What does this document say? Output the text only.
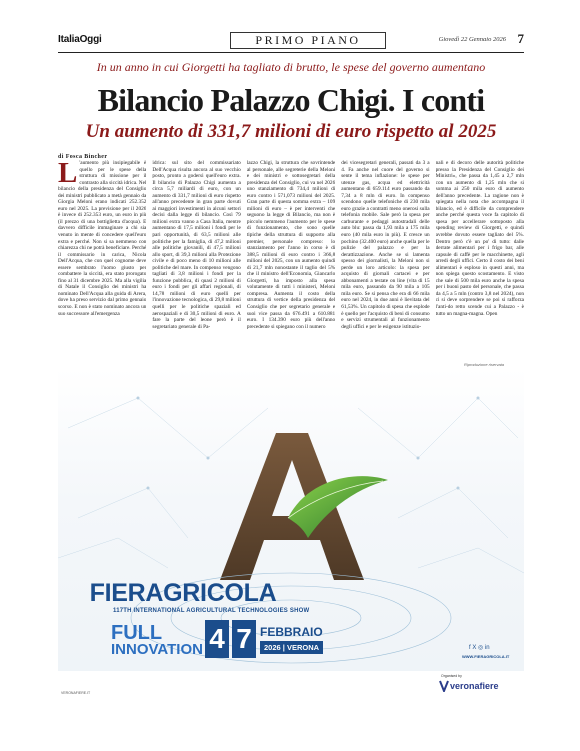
ItaliaOggi	PRIMO PIANO	Giovedì 22 Gennaio 2026 7
In un anno in cui Giorgetti ha tagliato di brutto, le spese del governo aumentano
Bilancio Palazzo Chigi. I conti
Un aumento di 331,7 milioni di euro rispetto al 2025
di Fosca Bincher
L 'aumento più insipiegabile è quello per le spese della struttura di missione per il contrasto alla siccità idrica. Nel bilancio della presidenza del Consiglio dei ministri pubblicato a metà gennaio da Giorgia Meloni erano indicati 252.352 euro nel 2025. La previsione per il 2026 è invece di 252.353 euro, un euro in più (il prezzo di una bottiglietta d'acqua). E davvero difficile immaginare a chi sia venuto in mente di concedere quell'euro extra e perché. Non si sa nemmeno con chiarezza chi ne potrà beneficiare. Perché il commissario in carica, Nicola Dell'Acqua, che con quel cognome deve essere sembrato l'uomo giusto per combattere la siccità, era stato prorogato fino al 31 dicembre 2025. Ma alla vigilia di Natale il Consiglio dei ministri ha nominato Dell'Acqua alla guida di Arera, dove ha preso servizio dal primo gennaio scorso. E non è stato nominato ancora un suo successore all'emergenza

idrica: sul sito del commissariato Dell'Acqua risulta ancora al suo vecchio posto, pronto a godersi quell'euro extra. Il bilancio di Palazzo Chigi aumenta a circa 5,7 miliardi di euro, con un aumento di 331,7 milioni di euro rispetto all'anno precedente in gran parte dovuti ai maggiori investimenti in alcuni settori decisi dalla legge di bilancio. Così 79 milioni extra vanno a Casa Italia, mentre aumentano di 17,5 milioni i fondi per le pari opportunità, di 63,5 milioni alle politiche per la famiglia, di 47,2 milioni alle politiche giovanili, di 47,5 milioni allo sport, di 39,3 milioni alla Protezione civile e di poco meno di 10 milioni alle politiche del mare. In compenso vengono tagliati di 3,8 milioni i fondi per la funzione pubblica, di quasi 2 milioni di euro i fondi per gli affari regionali, di 14,78 milioni di euro quelli per l'innovazione tecnologica, di 29,8 milioni quelli per le politiche spaziali ed aerospaziali e di 30,5 milioni di euro. A fare la parte del leone però è il segretariato generale di Pa-

lazzo Chigi, la struttura che sovrintende al personale, alle segreterie della Meloni e dei ministri e sottosegretari della presidenza del Consiglio, cui va nel 2026 uno stanziamento di 734,4 milioni di euro contro i 571,073 milioni del 2025. Gran parte di questa somma extra – 109 milioni di euro – è per interventi che seguono la legge di Bilancio, ma non è piccolo nemmeno l'aumento per le spese di funzionamento, che sono quelle tipiche della struttura di supporto alla premier, personale compreso: lo stanziamento per l'anno in corso è di 388,5 milioni di euro contro i 366,8 milioni del 2025, con un aumento quindi di 21,7 mln nonostante il taglio del 5% che il ministro dell'Economia, Giancarlo Giorgetti, ha imposto alla spesa volutamente di tutti i ministeri, Meloni compresa. Aumenta il costo della struttura di vertice della presidenza del Consiglio che per segretario generale e suoi vice passa da 676.491 a 610.881 euro. I 134.390 euro più dell'anno precedente si spiegano con il numero

dei vicesegretari generali, passati da 3 a 4. Fa anche nel cuore del governo si sente il tema inflazione: le spese per utenze gas, acqua ed elettricità aumentano di 659.114 euro passando da 7,34 a 8 mln di euro. In compenso scendono quelle telefoniche di 230 mila euro grazie a contratti meno onerosi sulla telefonia mobile. Sale però la spesa per carburante e pedaggi autostradali delle auto blu: passa da 1,93 mila a 175 mila euro (40 mila euro in più). E cresce un pochino (32.400 euro) anche quella per le pulizie del palazzo e per la derattizzazione. Anche se si lamenta spesso dei giornalisti, la Meloni non si perde un loro articolo: la spesa per acquisto di giornali cartacei e per abbonamenti a testate on line (vita di 15 mila euro, passando da 90 mila a 105 mila euro. Se si pensa che era di 66 mila euro nel 2024, in due anni è lievitata del 61,53%. Un capitolo di spesa che esplode è quello per l'acquisto di beni di consumo e servizi strumentali al funzionamento degli uffici e per le esigenze istituzio-

nali e di decoro delle autorità politiche presso la Presidenza del Consiglio dei Ministri», che passa da 1,45 a 2,7 mln con un aumento di 1,25 mln che si somma ai 250 mila euro di aumento dell'anno precedente. La ragione non è spiegata nella nota che accompagna il bilancio, ed è difficile da comprendere anche perché questa voce fa capitolo di spesa per accellerare sottoposto alla spending review di Giorgetti, e quindi avrebbe dovuto essere tagliato del 5%. Dentro però c'è un po' di tutto: dalle derrate alimentari per i frigo bar, alle capsule di caffè per le macchinette, agli arredi degli uffici. Certo il costo dei beni alimentari è esploso in questi anni, ma non spiega questo scostamento. E visto che sale di 500 mila euro anche la spesa per i buoni pasto del personale, che passa da 4,5 a 5 mln (contro 3,8 nel 2024), non ci si deve sorprendere se poi si rafforza l'anti-do retto scende cui a Palazzo - è tutto un magna-magna. Open

Riproduzione riservata
FIERAGRICOLA
117TH INTERNATIONAL AGRICULTURAL TECHNOLOGIES SHOW
FULL
INNOVATION 4 7 FEBBRAIO
2026 | VERONA	f X ◎ in
WWW.FIERAGRICOLA.IT
VERONAFIERE.IT
Organised by
veronafiere
